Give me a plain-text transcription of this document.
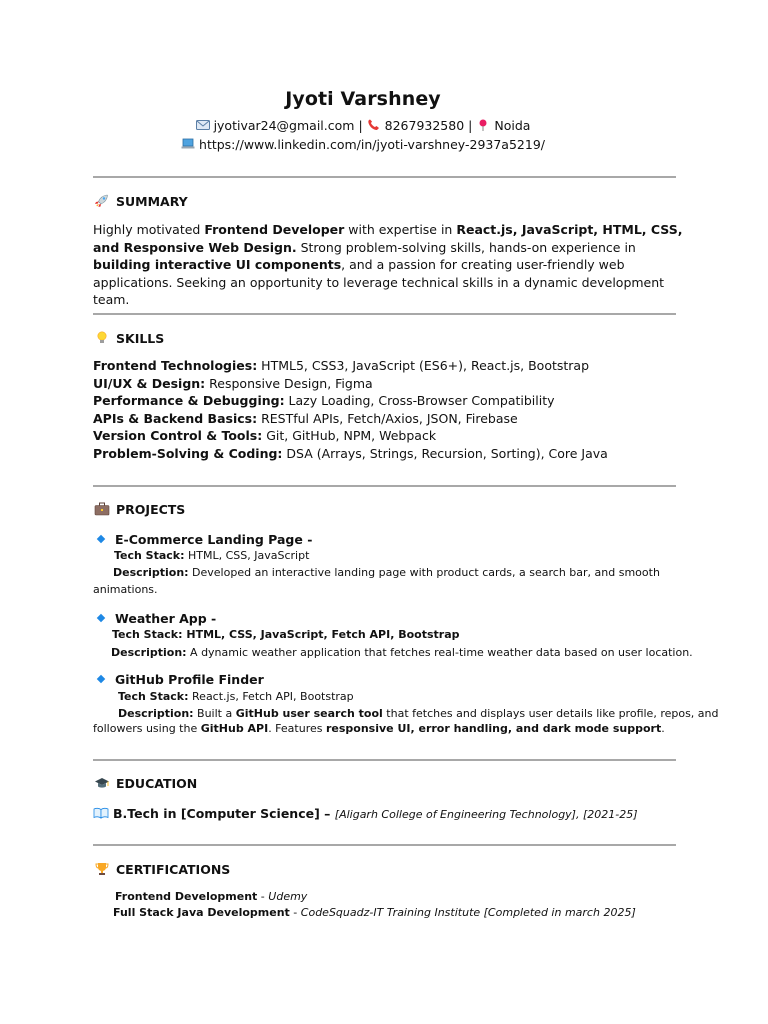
Jyoti Varshney
jyotivar24@gmail.com | 8267932580 | Noida
https://www.linkedin.com/in/jyoti-varshney-2937a5219/
SUMMARY
Highly motivated Frontend Developer with expertise in React.js, JavaScript, HTML, CSS, and Responsive Web Design. Strong problem-solving skills, hands-on experience in building interactive UI components, and a passion for creating user-friendly web applications. Seeking an opportunity to leverage technical skills in a dynamic development team.
SKILLS
Frontend Technologies: HTML5, CSS3, JavaScript (ES6+), React.js, Bootstrap
UI/UX & Design: Responsive Design, Figma
Performance & Debugging: Lazy Loading, Cross-Browser Compatibility
APIs & Backend Basics: RESTful APIs, Fetch/Axios, JSON, Firebase
Version Control & Tools: Git, GitHub, NPM, Webpack
Problem-Solving & Coding: DSA (Arrays, Strings, Recursion, Sorting), Core Java
PROJECTS
E-Commerce Landing Page -
Tech Stack: HTML, CSS, JavaScript
Description: Developed an interactive landing page with product cards, a search bar, and smooth
animations.
Weather App -
Tech Stack: HTML, CSS, JavaScript, Fetch API, Bootstrap
Description: A dynamic weather application that fetches real-time weather data based on user location.
GitHub Profile Finder
Tech Stack: React.js, Fetch API, Bootstrap
Description: Built a GitHub user search tool that fetches and displays user details like profile, repos, and
followers using the GitHub API. Features responsive UI, error handling, and dark mode support.
EDUCATION
B.Tech in [Computer Science] – [Aligarh College of Engineering Technology], [2021-25]
CERTIFICATIONS
Frontend Development - Udemy
Full Stack Java Development - CodeSquadz-IT Training Institute [Completed in march 2025]
